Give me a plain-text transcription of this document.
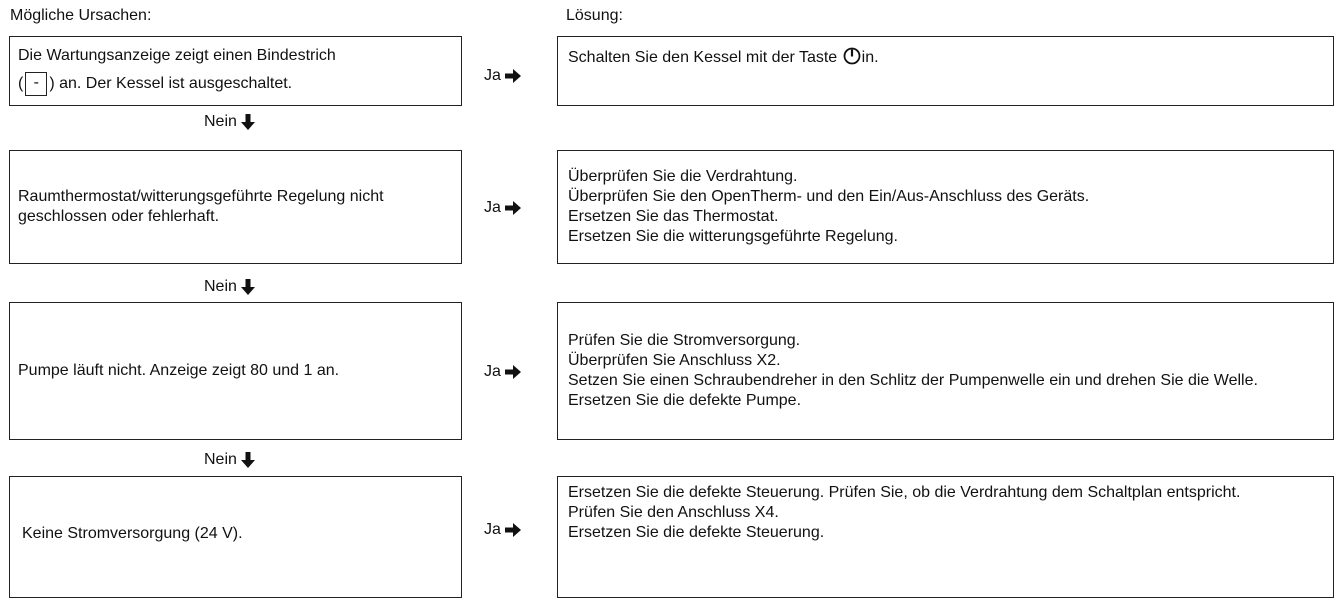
Mögliche Ursachen:	Lösung:
Die Wartungsanzeige zeigt einen Bindestrich
( - ) an. Der Kessel ist ausgeschaltet.	Ja
Schalten Sie den Kessel mit der Taste in.
Nein
Raumthermostat/witterungsgeführte Regelung nicht geschlossen oder fehlerhaft.
Ja
Überprüfen Sie die Verdrahtung.
Überprüfen Sie den OpenTherm- und den Ein/Aus-Anschluss des Geräts.
Ersetzen Sie das Thermostat.
Ersetzen Sie die witterungsgeführte Regelung.
Nein
Pumpe läuft nicht. Anzeige zeigt 80 und 1 an.	Ja
Prüfen Sie die Stromversorgung.
Überprüfen Sie Anschluss X2.
Setzen Sie einen Schraubendreher in den Schlitz der Pumpenwelle ein und drehen Sie die Welle.
Ersetzen Sie die defekte Pumpe.
Nein
Keine Stromversorgung (24 V).	Ja
Ersetzen Sie die defekte Steuerung. Prüfen Sie, ob die Verdrahtung dem Schaltplan entspricht.
Prüfen Sie den Anschluss X4.
Ersetzen Sie die defekte Steuerung.
